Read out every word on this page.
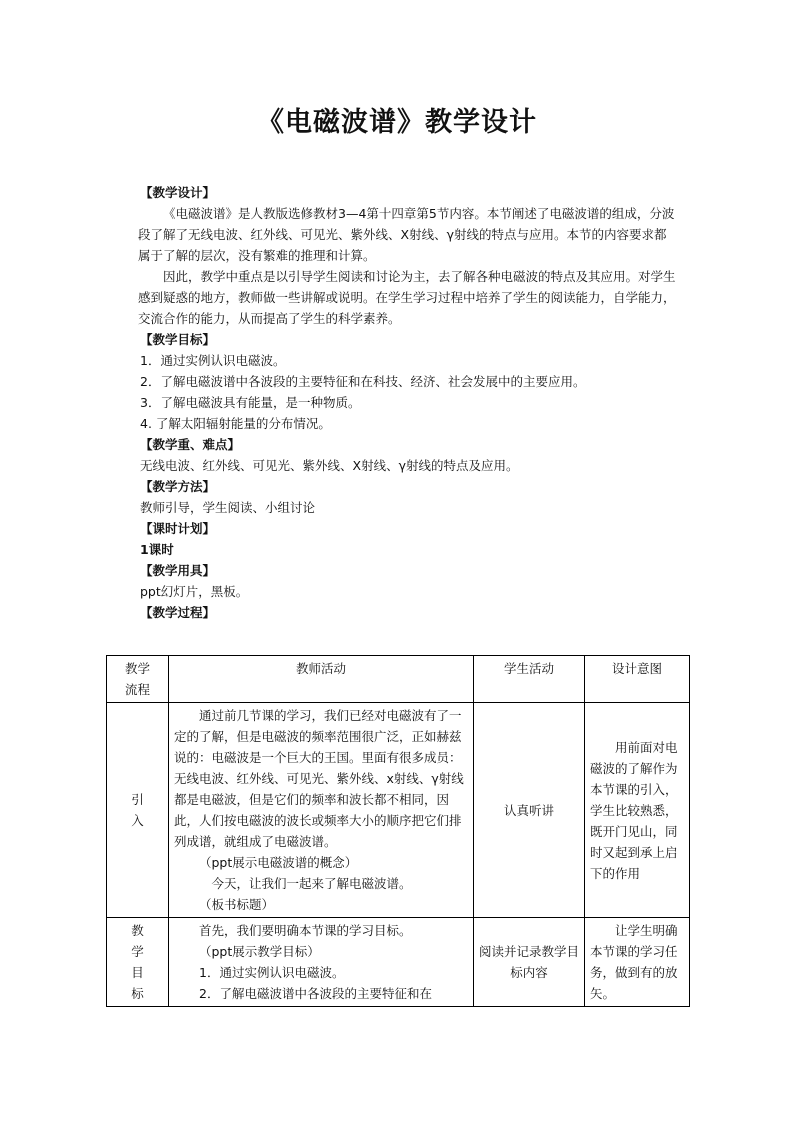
《电磁波谱》教学设计

【教学设计】

《电磁波谱》是人教版选修教材3—4第十四章第5节内容。本节阐述了电磁波谱的组成，分波段了解了无线电波、红外线、可见光、紫外线、X射线、γ射线的特点与应用。本节的内容要求都属于了解的层次，没有繁难的推理和计算。

因此，教学中重点是以引导学生阅读和讨论为主，去了解各种电磁波的特点及其应用。对学生感到疑惑的地方，教师做一些讲解或说明。在学生学习过程中培养了学生的阅读能力，自学能力，交流合作的能力，从而提高了学生的科学素养。

【教学目标】

1．通过实例认识电磁波。

2．了解电磁波谱中各波段的主要特征和在科技、经济、社会发展中的主要应用。

3．了解电磁波具有能量，是一种物质。

4. 了解太阳辐射能量的分布情况。

【教学重、难点】

无线电波、红外线、可见光、紫外线、X射线、γ射线的特点及应用。

【教学方法】

教师引导，学生阅读、小组讨论

【课时计划】

1课时

【教学用具】

ppt幻灯片，黑板。

【教学过程】

教学流程	教师活动	学生活动	设计意图
引入	通过前几节课的学习，我们已经对电磁波有了一定的了解，但是电磁波的频率范围很广泛，正如赫兹说的：电磁波是一个巨大的王国。里面有很多成员：无线电波、红外线、可见光、紫外线、x射线、γ射线都是电磁波，但是它们的频率和波长都不相同，因此，人们按电磁波的波长或频率大小的顺序把它们排列成谱，就组成了电磁波谱。
（ppt展示电磁波谱的概念）
今天，让我们一起来了解电磁波谱。
（板书标题）	认真听讲	用前面对电磁波的了解作为本节课的引入，学生比较熟悉，既开门见山，同时又起到承上启下的作用
教学目标	首先，我们要明确本节课的学习目标。
（ppt展示教学目标）
1．通过实例认识电磁波。
2．了解电磁波谱中各波段的主要特征和在	阅读并记录教学目标内容	让学生明确本节课的学习任务，做到有的放矢。
